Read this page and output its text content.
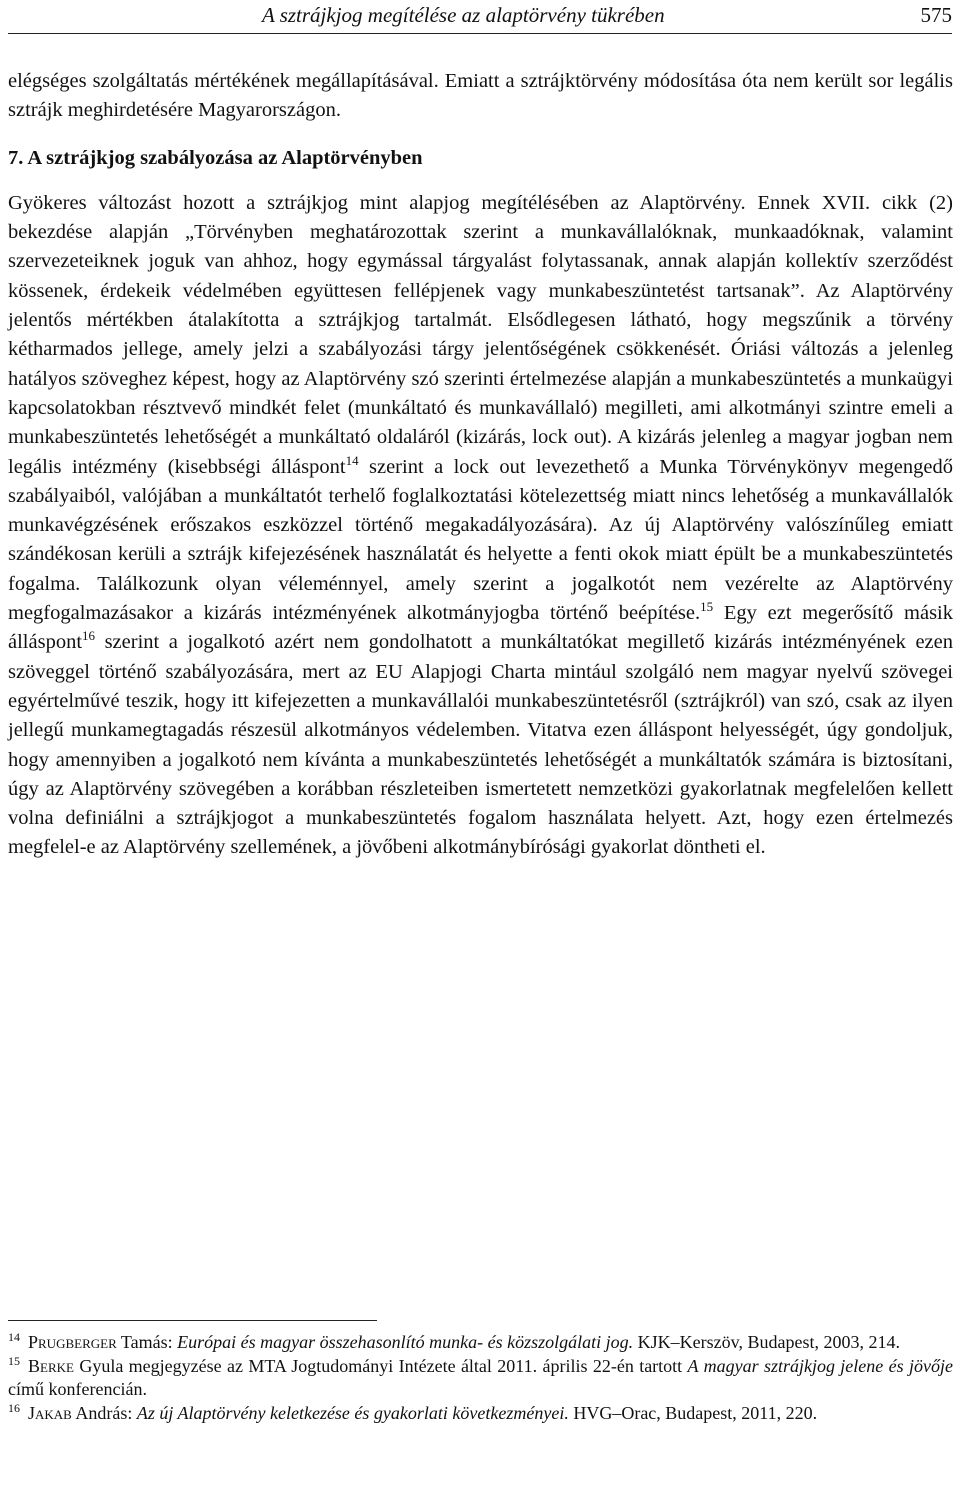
A sztrájkjog megítélése az alaptörvény tükrében	575

elégséges szolgáltatás mértékének megállapításával. Emiatt a sztrájktörvény módosítása óta nem került sor legális sztrájk meghirdetésére Magyarországon.

7. A sztrájkjog szabályozása az Alaptörvényben

Gyökeres változást hozott a sztrájkjog mint alapjog megítélésében az Alaptörvény. Ennek XVII. cikk (2) bekezdése alapján „Törvényben meghatározottak szerint a munkavállalóknak, munkaadóknak, valamint szervezeteiknek joguk van ahhoz, hogy egymással tárgyalást folytassanak, annak alapján kollektív szerződést kössenek, érdekeik védelmében együttesen fellépjenek vagy munkabeszüntetést tartsanak”. Az Alaptörvény jelentős mértékben átalakította a sztrájkjog tartalmát. Elsődlegesen látható, hogy megszűnik a törvény kétharmados jellege, amely jelzi a szabályozási tárgy jelentőségének csökkenését. Óriási változás a jelenleg hatályos szöveghez képest, hogy az Alaptörvény szó szerinti értelmezése alapján a munkabeszüntetés a munkaügyi kapcsolatokban résztvevő mindkét felet (munkáltató és munkavállaló) megilleti, ami alkotmányi szintre emeli a munkabeszüntetés lehetőségét a munkáltató oldaláról (kizárás, lock out). A kizárás jelenleg a magyar jogban nem legális intézmény (kisebbségi álláspont$^{14}$ szerint a lock out levezethető a Munka Törvénykönyv megengedő szabályaiból, valójában a munkáltatót terhelő foglalkoztatási kötelezettség miatt nincs lehetőség a munkavállalók munkavégzésének erőszakos eszközzel történő megakadályozására). Az új Alaptörvény valószínűleg emiatt szándékosan kerüli a sztrájk kifejezésének használatát és helyette a fenti okok miatt épült be a munkabeszüntetés fogalma. Találkozunk olyan véleménnyel, amely szerint a jogalkotót nem vezérelte az Alaptörvény megfogalmazásakor a kizárás intézményének alkotmányjogba történő beépítése.$^{15}$ Egy ezt megerősítő másik álláspont$^{16}$ szerint a jogalkotó azért nem gondolhatott a munkáltatókat megillető kizárás intézményének ezen szöveggel történő szabályozására, mert az EU Alapjogi Charta mintául szolgáló nem magyar nyelvű szövegei egyértelművé teszik, hogy itt kifejezetten a munkavállalói munkabeszüntetésről (sztrájkról) van szó, csak az ilyen jellegű munkamegtagadás részesül alkotmányos védelemben. Vitatva ezen álláspont helyességét, úgy gondoljuk, hogy amennyiben a jogalkotó nem kívánta a munkabeszüntetés lehetőségét a munkáltatók számára is biztosítani, úgy az Alaptörvény szövegében a korábban részleteiben ismertetett nemzetközi gyakorlatnak megfelelően kellett volna definiálni a sztrájkjogot a munkabeszüntetés fogalom használata helyett. Azt, hogy ezen értelmezés megfelel-e az Alaptörvény szellemének, a jövőbeni alkotmánybírósági gyakorlat döntheti el.

$^{14}$ Prugberger Tamás: Európai és magyar összehasonlító munka- és közszolgálati jog. KJK–Kerszöv, Budapest, 2003, 214.

$^{15}$ Berke Gyula megjegyzése az MTA Jogtudományi Intézete által 2011. április 22-én tartott A magyar sztrájkjog jelene és jövője című konferencián.

$^{16}$ Jakab András: Az új Alaptörvény keletkezése és gyakorlati következményei. HVG–Orac, Budapest, 2011, 220.
